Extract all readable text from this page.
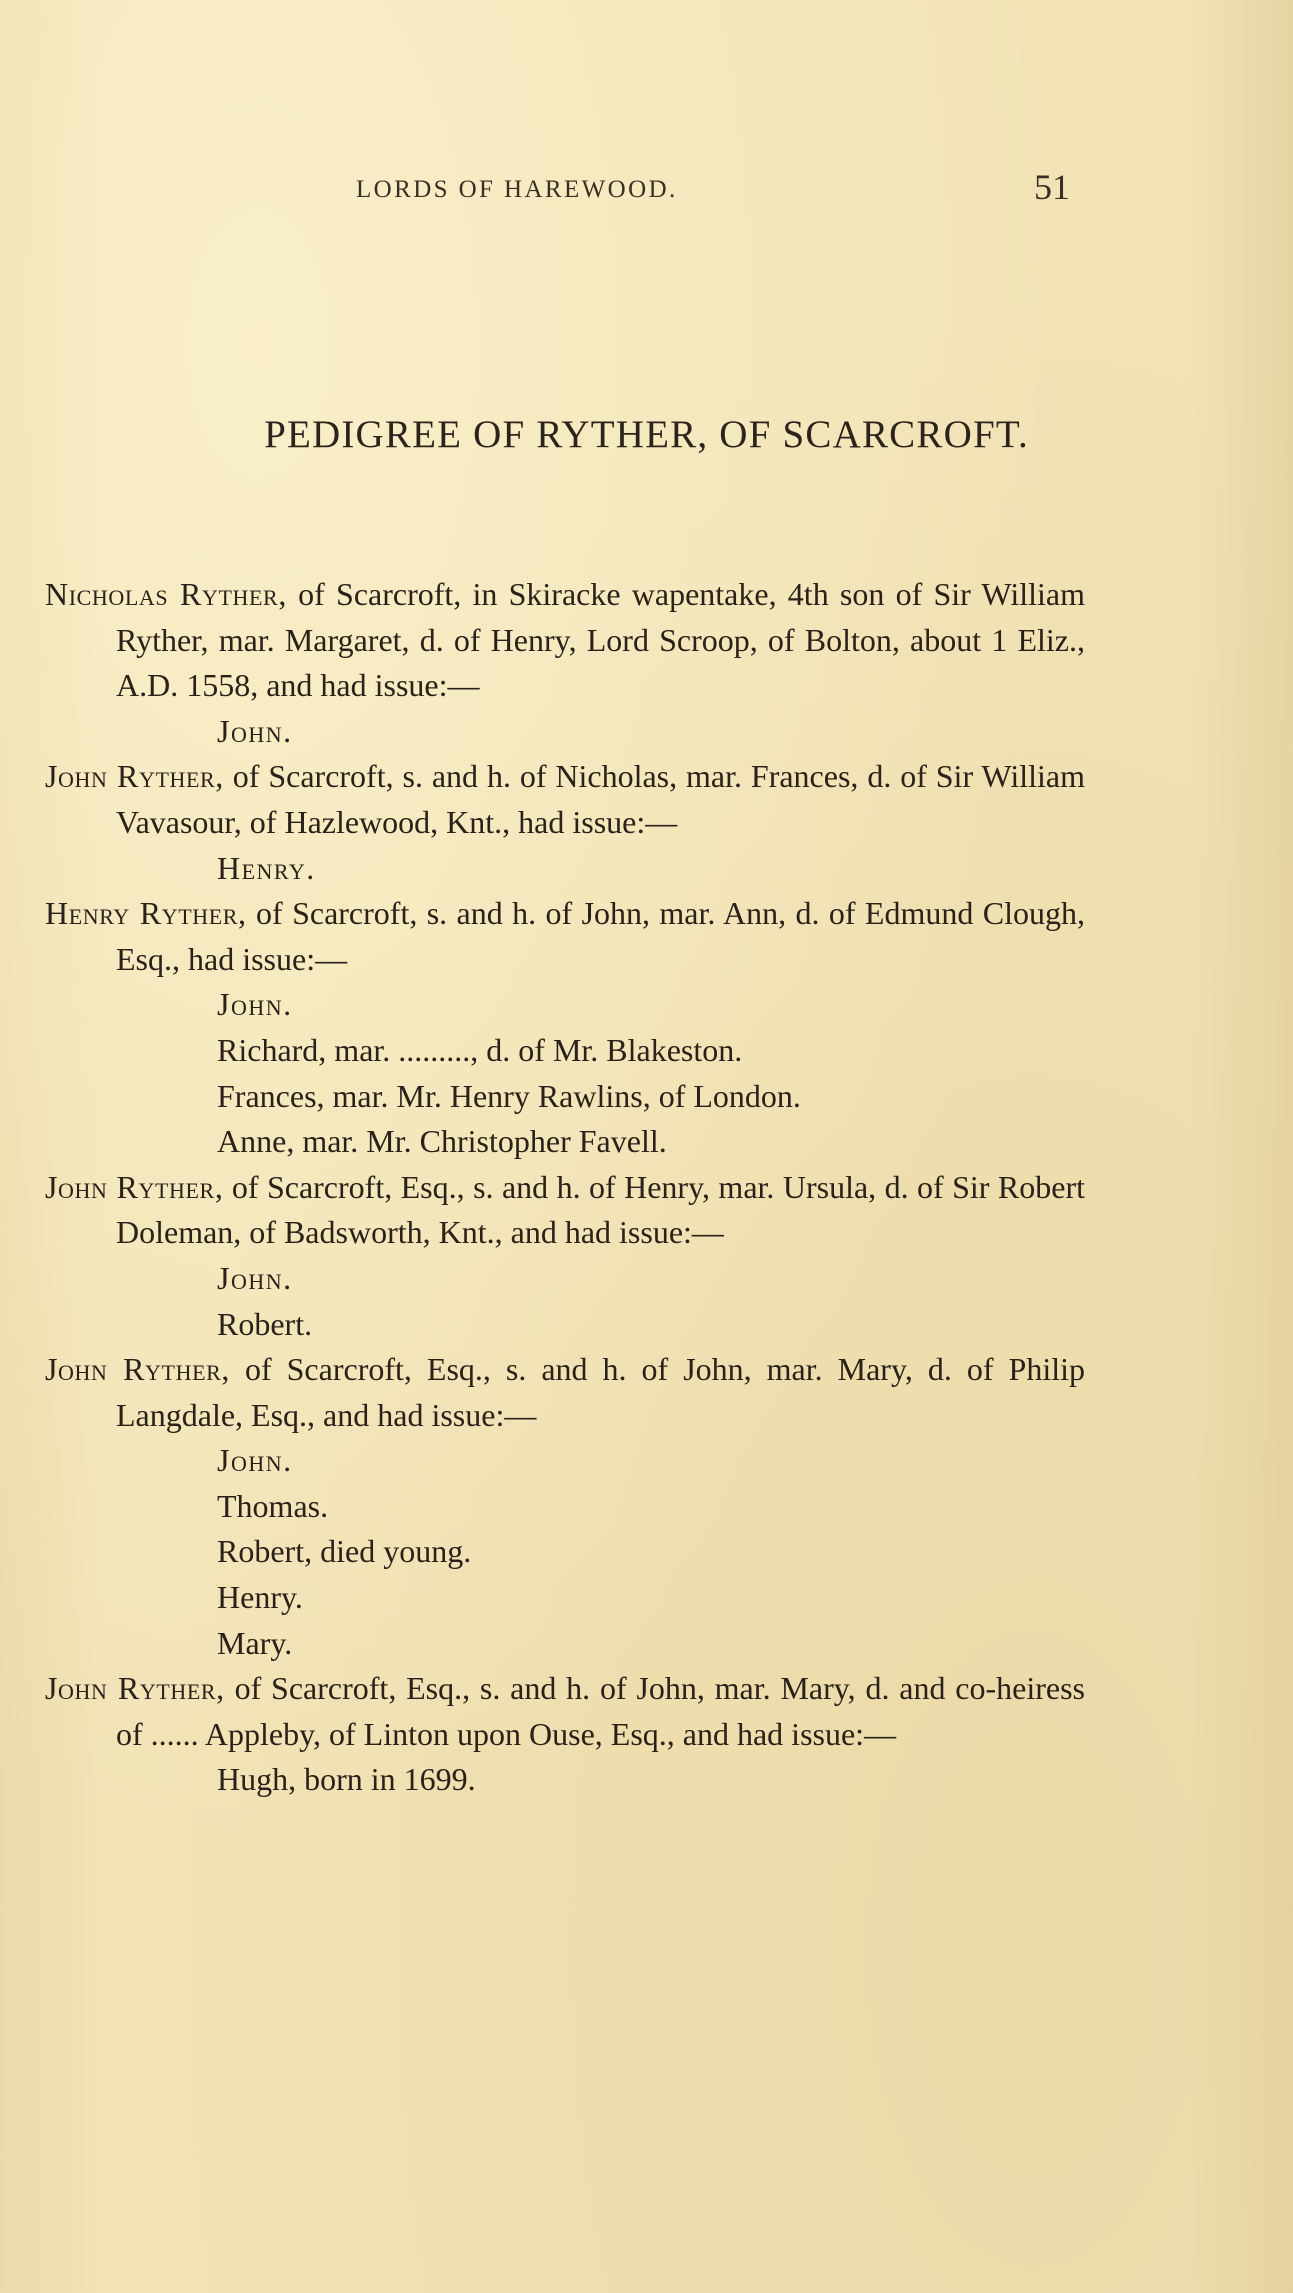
LORDS OF HAREWOOD.	51
PEDIGREE OF RYTHER, OF SCARCROFT.

Nicholas Ryther, of Scarcroft, in Skiracke wapentake, 4th son of Sir William Ryther, mar. Margaret, d. of Henry, Lord Scroop, of Bolton, about 1 Eliz., A.D. 1558, and had issue:—

John.

John Ryther, of Scarcroft, s. and h. of Nicholas, mar. Frances, d. of Sir William Vavasour, of Hazlewood, Knt., had issue:—

Henry.

Henry Ryther, of Scarcroft, s. and h. of John, mar. Ann, d. of Edmund Clough, Esq., had issue:—

John.

Richard, mar. ........., d. of Mr. Blakeston.

Frances, mar. Mr. Henry Rawlins, of London.

Anne, mar. Mr. Christopher Favell.

John Ryther, of Scarcroft, Esq., s. and h. of Henry, mar. Ursula, d. of Sir Robert Doleman, of Badsworth, Knt., and had issue:—

John.

Robert.

John Ryther, of Scarcroft, Esq., s. and h. of John, mar. Mary, d. of Philip Langdale, Esq., and had issue:—

John.

Thomas.

Robert, died young.

Henry.

Mary.

John Ryther, of Scarcroft, Esq., s. and h. of John, mar. Mary, d. and co-heiress of ...... Appleby, of Linton upon Ouse, Esq., and had issue:—

Hugh, born in 1699.
